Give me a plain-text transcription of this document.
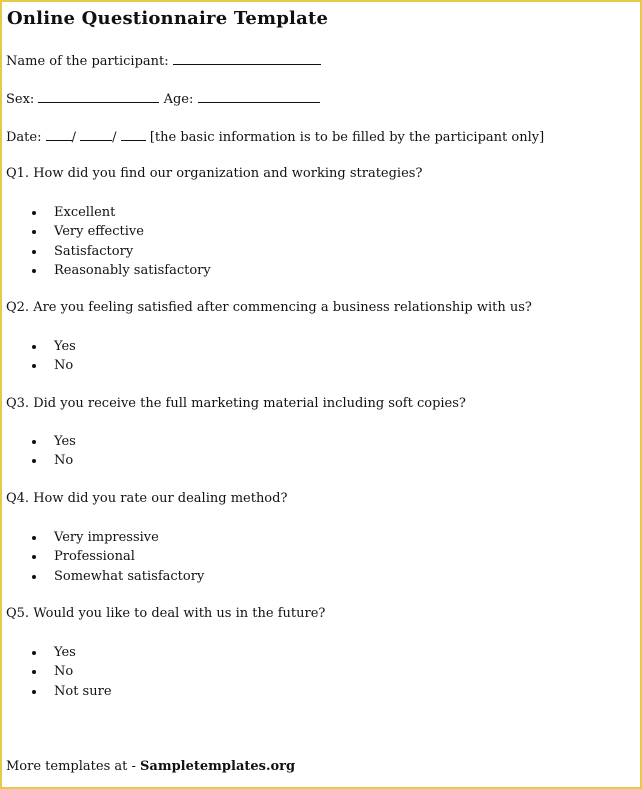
Online Questionnaire Template

Name of the participant:

Sex:	Age:

Date: /	/	[the basic information is to be filled by the participant only]

Q1. How did you find our organization and working strategies?

Excellent
Very effective
Satisfactory
Reasonably satisfactory

Q2. Are you feeling satisfied after commencing a business relationship with us?

Yes
No

Q3. Did you receive the full marketing material including soft copies?

Yes
No

Q4. How did you rate our dealing method?

Very impressive
Professional
Somewhat satisfactory

Q5. Would you like to deal with us in the future?

Yes
No
Not sure

More templates at - Sampletemplates.org
